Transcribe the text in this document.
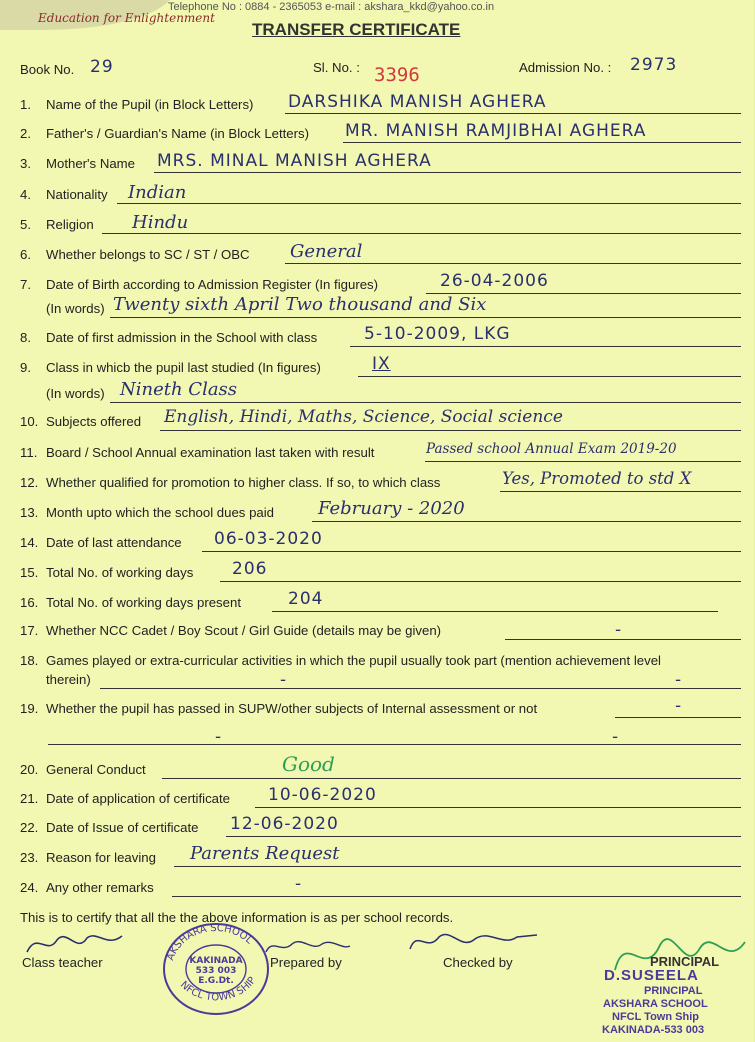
Education for Enlightenment
Telephone No : 0884 - 2365053 e-mail : akshara_kkd@yahoo.co.in
TRANSFER CERTIFICATE
Book No. 29	Sl. No. : 3396	Admission No. : 2973
1. Name of the Pupil (in Block Letters) DARSHIKA MANISH AGHERA
2. Father's / Guardian's Name (in Block Letters) MR. MANISH RAMJIBHAI AGHERA
3. Mother's Name MRS. MINAL MANISH AGHERA
4. Nationality Indian
5. Religion Hindu
6. Whether belongs to SC / ST / OBC General
7. Date of Birth according to Admission Register (In figures)	26-04-2006
(In words) Twenty sixth April Two thousand and Six
8. Date of first admission in the School with class	5-10-2009, LKG
9. Class in whicb the pupil last studied (In figures)	IX
(In words) Nineth Class
10. Subjects offered English, Hindi, Maths, Science, Social science
11. Board / School Annual examination last taken with result	Passed school Annual Exam 2019-20
12. Whether qualified for promotion to higher class. If so, to which class	Yes, Promoted to std X
13. Month upto which the school dues paid February - 2020
14. Date of last attendance 06-03-2020
15. Total No. of working days 206
16. Total No. of working days present	204
17. Whether NCC Cadet / Boy Scout / Girl Guide (details may be given)	-
18. Games played or extra-curricular activities in which the pupil usually took part (mention achievement level
therein)	-	-
19. Whether the pupil has passed in SUPW/other subjects of Internal assessment or not	-
-	-
20. General Conduct	Good
21. Date of application of certificate 10-06-2020
22. Date of Issue of certificate 12-06-2020
23. Reason for leaving Parents Request
24. Any other remarks	-
This is to certify that all the the above information is as per school records.
Class teacher	AKSHARA SCHOOL
NFCL TOWN SHIP
KAKINADA
533 003
E.G.Dt.
Prepared by	Checked by	PRINCIPAL
D.SUSEELA
PRINCIPAL
AKSHARA SCHOOL
NFCL Town Ship
KAKINADA-533 003
